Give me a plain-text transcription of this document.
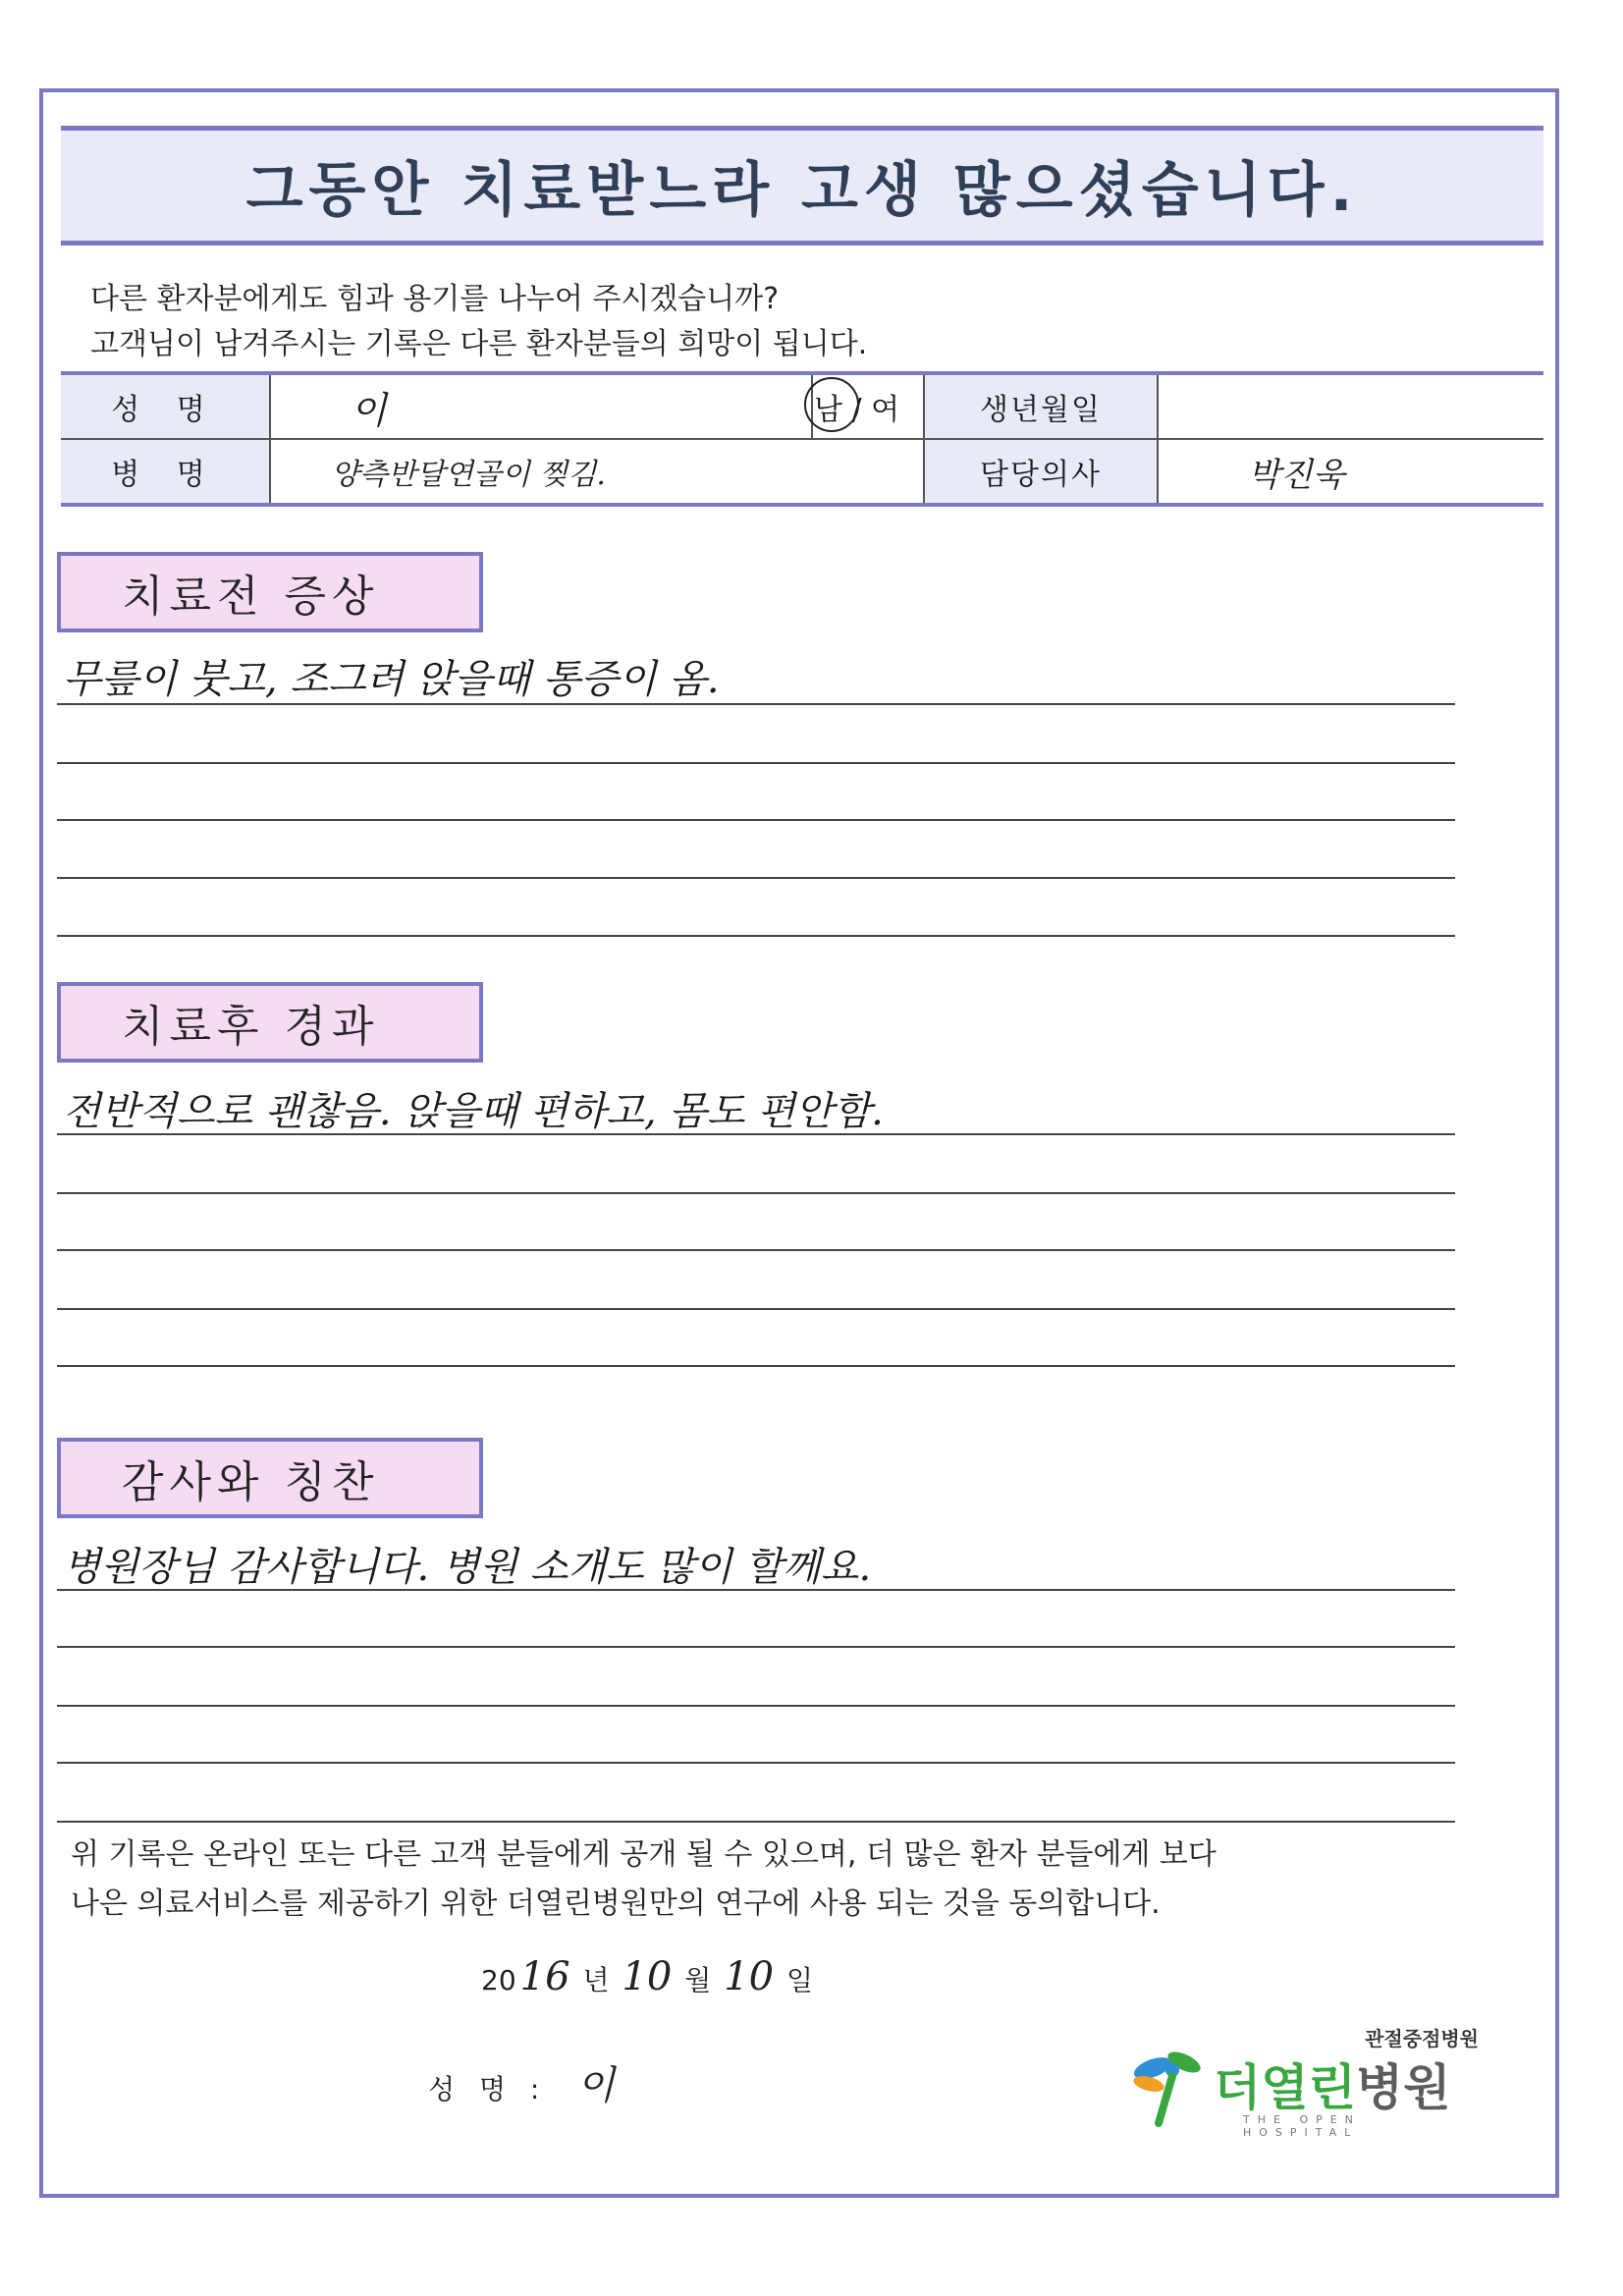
그동안 치료받느라 고생 많으셨습니다.
다른 환자분에게도 힘과 용기를 나누어 주시겠습니까?
고객님이 남겨주시는 기록은 다른 환자분들의 희망이 됩니다.
성 명	이	남 / 여	생년월일	
병 명	양측반달연골이 찢김.		담당의사	박진욱
치료전 증상
무릎이 붓고, 조그려 앉을때 통증이 옴.
치료후 경과
전반적으로 괜찮음. 앉을때 편하고, 몸도 편안함.
감사와 칭찬
병원장님 감사합니다. 병원 소개도 많이 할께요.
위 기록은 온라인 또는 다른 고객 분들에게 공개 될 수 있으며, 더 많은 환자 분들에게 보다
나은 의료서비스를 제공하기 위한 더열린병원만의 연구에 사용 되는 것을 동의합니다.
20 16 년 10 월 10 일
성 명 : 이
관절중점병원
더열린병원
THE OPEN HOSPITAL
